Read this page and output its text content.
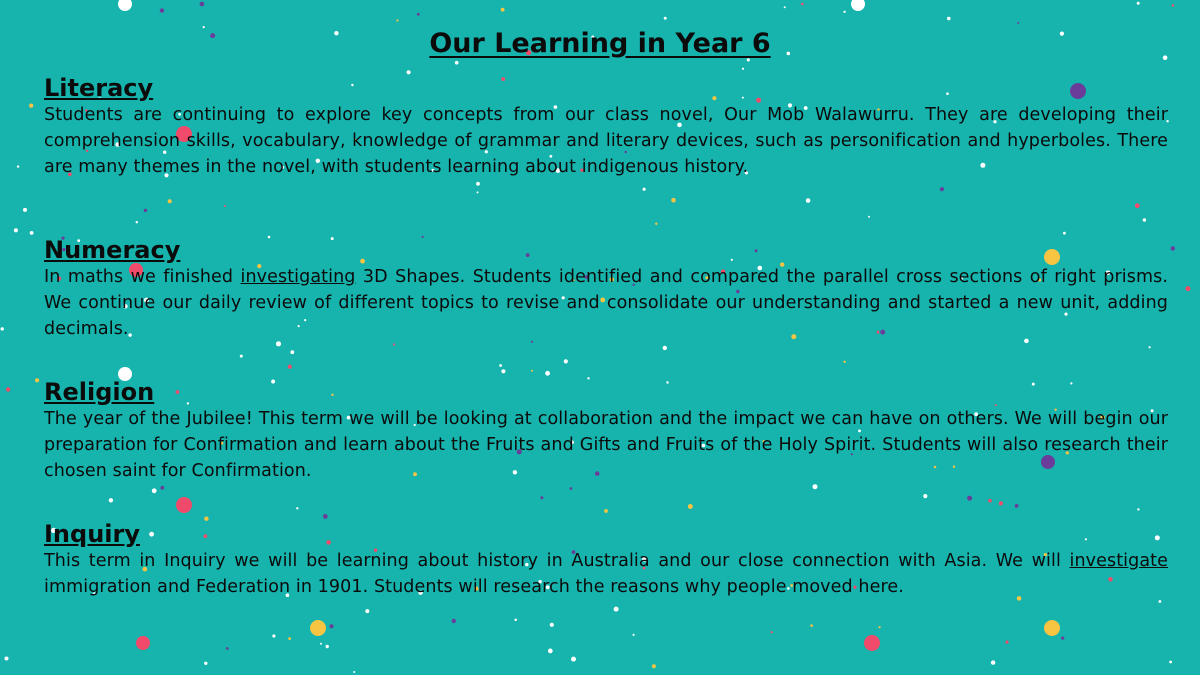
Our Learning in Year 6

Literacy

Students are continuing to explore key concepts from our class novel, Our Mob Walawurru. They are developing their comprehension skills, vocabulary, knowledge of grammar and literary devices, such as personification and hyperboles. There are many themes in the novel, with students learning about indigenous history.

Numeracy

In maths we finished investigating 3D Shapes. Students identified and compared the parallel cross sections of right prisms. We continue our daily review of different topics to revise and consolidate our understanding and started a new unit, adding decimals.

Religion

The year of the Jubilee! This term we will be looking at collaboration and the impact we can have on others. We will begin our preparation for Confirmation and learn about the Fruits and Gifts and Fruits of the Holy Spirit. Students will also research their chosen saint for Confirmation.

Inquiry

This term in Inquiry we will be learning about history in Australia and our close connection with Asia. We will investigate immigration and Federation in 1901. Students will research the reasons why people moved here.
